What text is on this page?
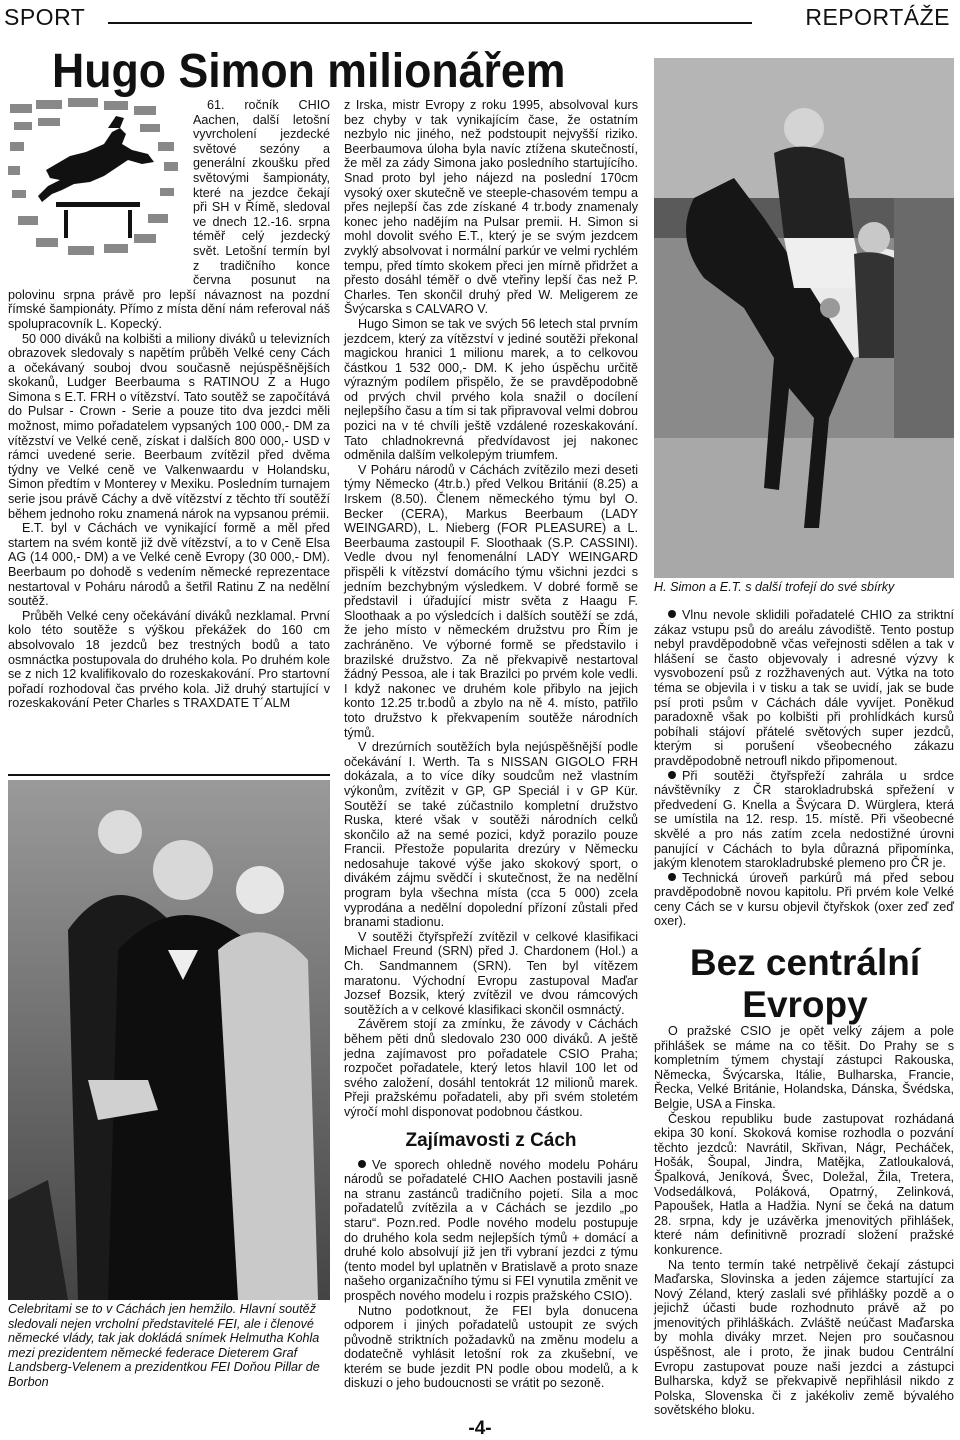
SPORT	REPORTÁŽE
Hugo Simon milionářem

61. ročník CHIO Aachen, další letošní vyvrcholení jezdecké světové sezóny a generální zkoušku před světovými šampionáty, které na jezdce čekají při SH v Římě, sledoval ve dnech 12.-16. srpna téměř celý jezdecký svět. Letošní termín byl z tradičního konce června posunut na polovinu srpna právě pro lepší návaznost na pozdní římské šampionáty. Přímo z místa dění nám referoval náš spolupracovník L. Kopecký.

50 000 diváků na kolbišti a miliony diváků u televizních obrazovek sledovaly s napětím průběh Velké ceny Cách a očekávaný souboj dvou současně nejúspěšnějších skokanů, Ludger Beerbauma s RATINOU Z a Hugo Simona s E.T. FRH o vítězství. Tato soutěž se započítává do Pulsar - Crown - Serie a pouze tito dva jezdci měli možnost, mimo pořadatelem vypsaných 100 000,- DM za vítězství ve Velké ceně, získat i dalších 800 000,- USD v rámci uvedené serie. Beerbaum zvítězil před dvěma týdny ve Velké ceně ve Valkenwaardu v Holandsku, Simon předtím v Monterey v Mexiku. Posledním turnajem serie jsou právě Cáchy a dvě vítězství z těchto tří soutěží během jednoho roku znamená nárok na vypsanou prémii.

E.T. byl v Cáchách ve vynikající formě a měl před startem na svém kontě již dvě vítězství, a to v Ceně Elsa AG (14 000,- DM) a ve Velké ceně Evropy (30 000,- DM). Beerbaum po dohodě s vedením německé reprezentace nestartoval v Poháru národů a šetřil Ratinu Z na nedělní soutěž.

Průběh Velké ceny očekávání diváků nezklamal. První kolo této soutěže s výškou překážek do 160 cm absolvovalo 18 jezdců bez trestných bodů a tato osmnáctka postupovala do druhého kola. Po druhém kole se z nich 12 kvalifikovalo do rozeskakování. Pro startovní pořadí rozhodoval čas prvého kola. Již druhý startující v rozeskakování Peter Charles s TRAXDATE T´ALM

Celebritami se to v Cáchách jen hemžilo. Hlavní soutěž sledovali nejen vrcholní představitelé FEI, ale i členové německé vlády, tak jak dokládá snímek Helmutha Kohla mezi prezidentem německé federace Dieterem Graf Landsberg-Velenem a prezidentkou FEI Doňou Pillar de Borbon

z Irska, mistr Evropy z roku 1995, absolvoval kurs bez chyby v tak vynikajícím čase, že ostatním nezbylo nic jiného, než podstoupit nejvyšší riziko. Beerbaumova úloha byla navíc ztížena skutečností, že měl za zády Simona jako posledního startujícího. Snad proto byl jeho nájezd na poslední 170cm vysoký oxer skutečně ve steeple-chasovém tempu a přes nejlepší čas zde získané 4 tr.body znamenaly konec jeho nadějím na Pulsar premii. H. Simon si mohl dovolit svého E.T., který je se svým jezdcem zvyklý absolvovat i normální parkúr ve velmi rychlém tempu, před tímto skokem přeci jen mírně přidržet a přesto dosáhl téměř o dvě vteřiny lepší čas než P. Charles. Ten skončil druhý před W. Meligerem ze Švýcarska s CALVARO V.

Hugo Simon se tak ve svých 56 letech stal prvním jezdcem, který za vítězství v jediné soutěži překonal magickou hranici 1 milionu marek, a to celkovou částkou 1 532 000,- DM. K jeho úspěchu určitě výrazným podílem přispělo, že se pravděpodobně od prvých chvil prvého kola snažil o docílení nejlepšího času a tím si tak připravoval velmi dobrou pozici na v té chvíli ještě vzdálené rozeskakování. Tato chladnokrevná předvídavost jej nakonec odměnila dalším velkolepým triumfem.

V Poháru národů v Cáchách zvítězilo mezi deseti týmy Německo (4tr.b.) před Velkou Británií (8.25) a Irskem (8.50). Členem německého týmu byl O. Becker (CERA), Markus Beerbaum (LADY WEINGARD), L. Nieberg (FOR PLEASURE) a L. Beerbauma zastoupil F. Sloothaak (S.P. CASSINI). Vedle dvou nyl fenomenální LADY WEINGARD přispěli k vítězství domácího týmu všichni jezdci s jedním bezchybným výsledkem. V dobré formě se představil i úřadující mistr světa z Haagu F. Sloothaak a po výsledcích i dalších soutěží se zdá, že jeho místo v německém družstvu pro Řím je zachráněno. Ve výborné formě se představilo i brazilské družstvo. Za ně překvapivě nestartoval žádný Pessoa, ale i tak Brazilci po prvém kole vedli. I když nakonec ve druhém kole přibylo na jejich konto 12.25 tr.bodů a zbylo na ně 4. místo, patřilo toto družstvo k překvapením soutěže národních týmů.

V drezúrních soutěžích byla nejúspěšnější podle očekávání I. Werth. Ta s NISSAN GIGOLO FRH dokázala, a to více díky soudcům než vlastním výkonům, zvítězit v GP, GP Speciál i v GP Kür. Soutěží se také zúčastnilo kompletní družstvo Ruska, které však v soutěži národních celků skončilo až na semé pozici, když porazilo pouze Francii. Přestože popularita drezúry v Německu nedosahuje takové výše jako skokový sport, o divákém zájmu svědčí i skutečnost, že na nedělní program byla všechna místa (cca 5 000) zcela vyprodána a nedělní dopolední přízoní zůstali před branami stadionu.

V soutěži čtyřspřeží zvítězil v celkové klasifikaci Michael Freund (SRN) před J. Chardonem (Hol.) a Ch. Sandmannem (SRN). Ten byl vítězem maratonu. Východní Evropu zastupoval Maďar Jozsef Bozsik, který zvítězil ve dvou rámcových soutěžích a v celkové klasifikaci skončil osmnáctý.

Závěrem stojí za zmínku, že závody v Cáchách během pěti dnů sledovalo 230 000 diváků. A ještě jedna zajímavost pro pořadatele CSIO Praha; rozpočet pořadatele, který letos hlavil 100 let od svého založení, dosáhl tentokrát 12 milionů marek. Přeji pražskému pořadateli, aby při svém stoletém výročí mohl disponovat podobnou částkou.

Zajímavosti z Cách

Ve sporech ohledně nového modelu Poháru národů se pořadatelé CHIO Aachen postavili jasně na stranu zastánců tradičního pojetí. Sila a moc pořadatelů zvítězila a v Cáchách se jezdilo „po staru“. Pozn.red. Podle nového modelu postupuje do druhého kola sedm nejlepších týmů + domácí a druhé kolo absolvují již jen tři vybraní jezdci z týmu (tento model byl uplatněn v Bratislavě a proto snaze našeho organizačního týmu si FEI vynutila změnit ve prospěch nového modelu i rozpis pražského CSIO).

Nutno podotknout, že FEI byla donucena odporem i jiných pořadatelů ustoupit ze svých původně striktních požadavků na změnu modelu a dodatečně vyhlásit letošní rok za zkušební, ve kterém se bude jezdit PN podle obou modelů, a k diskuzi o jeho budoucnosti se vrátit po sezoně.

H. Simon a E.T. s další trofejí do své sbírky

Vlnu nevole sklidili pořadatelé CHIO za striktní zákaz vstupu psů do areálu závodiště. Tento postup nebyl pravděpodobně včas veřejnosti sdělen a tak v hlášení se často objevovaly i adresné výzvy k vysvobození psů z rozžhavených aut. Výtka na toto téma se objevila i v tisku a tak se uvidí, jak se bude psí proti psům v Cáchách dále vyvíjet. Poněkud paradoxně však po kolbišti při prohlídkách kursů pobíhali stájoví přátelé světových super jezdců, kterým si porušení všeobecného zákazu pravděpodobně netroufl nikdo připomenout.

Při soutěži čtyřspřeží zahrála u srdce návštěvníky z ČR starokladrubská spřežení v předvedení G. Knella a Švýcara D. Würglera, která se umístila na 12. resp. 15. místě. Při všeobecné skvělé a pro nás zatím zcela nedostižné úrovni panující v Cáchách to byla důrazná připomínka, jakým klenotem starokladrubské plemeno pro ČR je.

Technická úroveň parkúrů má před sebou pravděpodobně novou kapitolu. Při prvém kole Velké ceny Cách se v kursu objevil čtyřskok (oxer zeď zeď oxer).

Bez centrální Evropy

O pražské CSIO je opět velký zájem a pole přihlášek se máme na co těšit. Do Prahy se s kompletním týmem chystají zástupci Rakouska, Německa, Švýcarska, Itálie, Bulharska, Francie, Řecka, Velké Británie, Holandska, Dánska, Švédska, Belgie, USA a Finska.

Českou republiku bude zastupovat rozhádaná ekipa 30 koní. Skoková komise rozhodla o pozvání těchto jezdců: Navrátil, Skřivan, Nágr, Pecháček, Hošák, Šoupal, Jindra, Matějka, Zatloukalová, Špalková, Jeníková, Švec, Doležal, Žila, Tretera, Vodsedálková, Poláková, Opatrný, Zelinková, Papoušek, Hatla a Hadžia. Nyní se čeká na datum 28. srpna, kdy je uzávěrka jmenovitých přihlášek, které nám definitivně prozradí složení pražské konkurence.

Na tento termín také netrpělivě čekají zástupci Maďarska, Slovinska a jeden zájemce startující za Nový Zéland, který zaslali své přihlášky pozdě a o jejichž účasti bude rozhodnuto právě až po jmenovitých přihláškách. Zvláště neúčast Maďarska by mohla diváky mrzet. Nejen pro současnou úspěšnost, ale i proto, že jinak budou Centrální Evropu zastupovat pouze naši jezdci a zástupci Bulharska, když se překvapivě nepřihlásil nikdo z Polska, Slovenska či z jakékoliv země bývalého sovětského bloku.

-4-
